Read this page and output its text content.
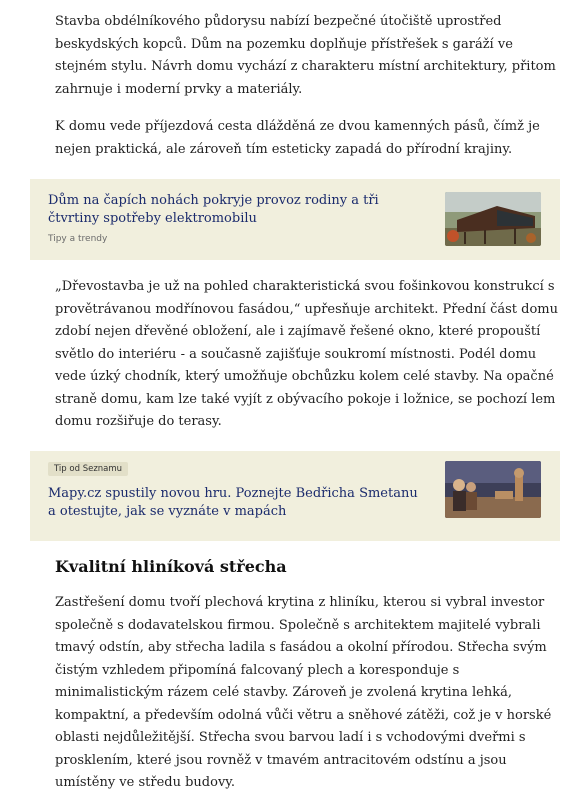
Stavba obdélníkového půdorysu nabízí bezpečné útočiště uprostřed beskydských kopců. Dům na pozemku doplňuje přístřešek s garáží ve stejném stylu. Návrh domu vychází z charakteru místní architektury, přitom zahrnuje i moderní prvky a materiály.

K domu vede příjezdová cesta dlážděná ze dvou kamenných pásů, čímž je nejen praktická, ale zároveň tím esteticky zapadá do přírodní krajiny.

Dům na čapích nohách pokryje provoz rodiny a tři čtvrtiny spotřeby elektromobilu
Tipy a trendy

„Dřevostavba je už na pohled charakteristická svou fošinkovou konstrukcí s provětrávanou modřínovou fasádou,“ upřesňuje architekt. Přední část domu zdobí nejen dřevěné obložení, ale i zajímavě řešené okno, které propouští světlo do interiéru - a současně zajišťuje soukromí místnosti. Podél domu vede úzký chodník, který umožňuje obchůzku kolem celé stavby. Na opačné straně domu, kam lze také vyjít z obývacího pokoje i ložnice, se pochozí lem domu rozšiřuje do terasy.

Tip od Seznamu
Mapy.cz spustily novou hru. Poznejte Bedřicha Smetanu a otestujte, jak se vyznáte v mapách
Kvalitní hliníková střecha

Zastřešení domu tvoří plechová krytina z hliníku, kterou si vybral investor společně s dodavatelskou firmou. Společně s architektem majitelé vybrali tmavý odstín, aby střecha ladila s fasádou a okolní přírodou. Střecha svým čistým vzhledem připomíná falcovaný plech a koresponduje s minimalistickým rázem celé stavby. Zároveň je zvolená krytina lehká, kompaktní, a především odolná vůči větru a sněhové zátěži, což je v horské oblasti nejdůležitější. Střecha svou barvou ladí i s vchodovými dveřmi s prosklením, které jsou rovněž v tmavém antracitovém odstínu a jsou umístěny ve středu budovy.
